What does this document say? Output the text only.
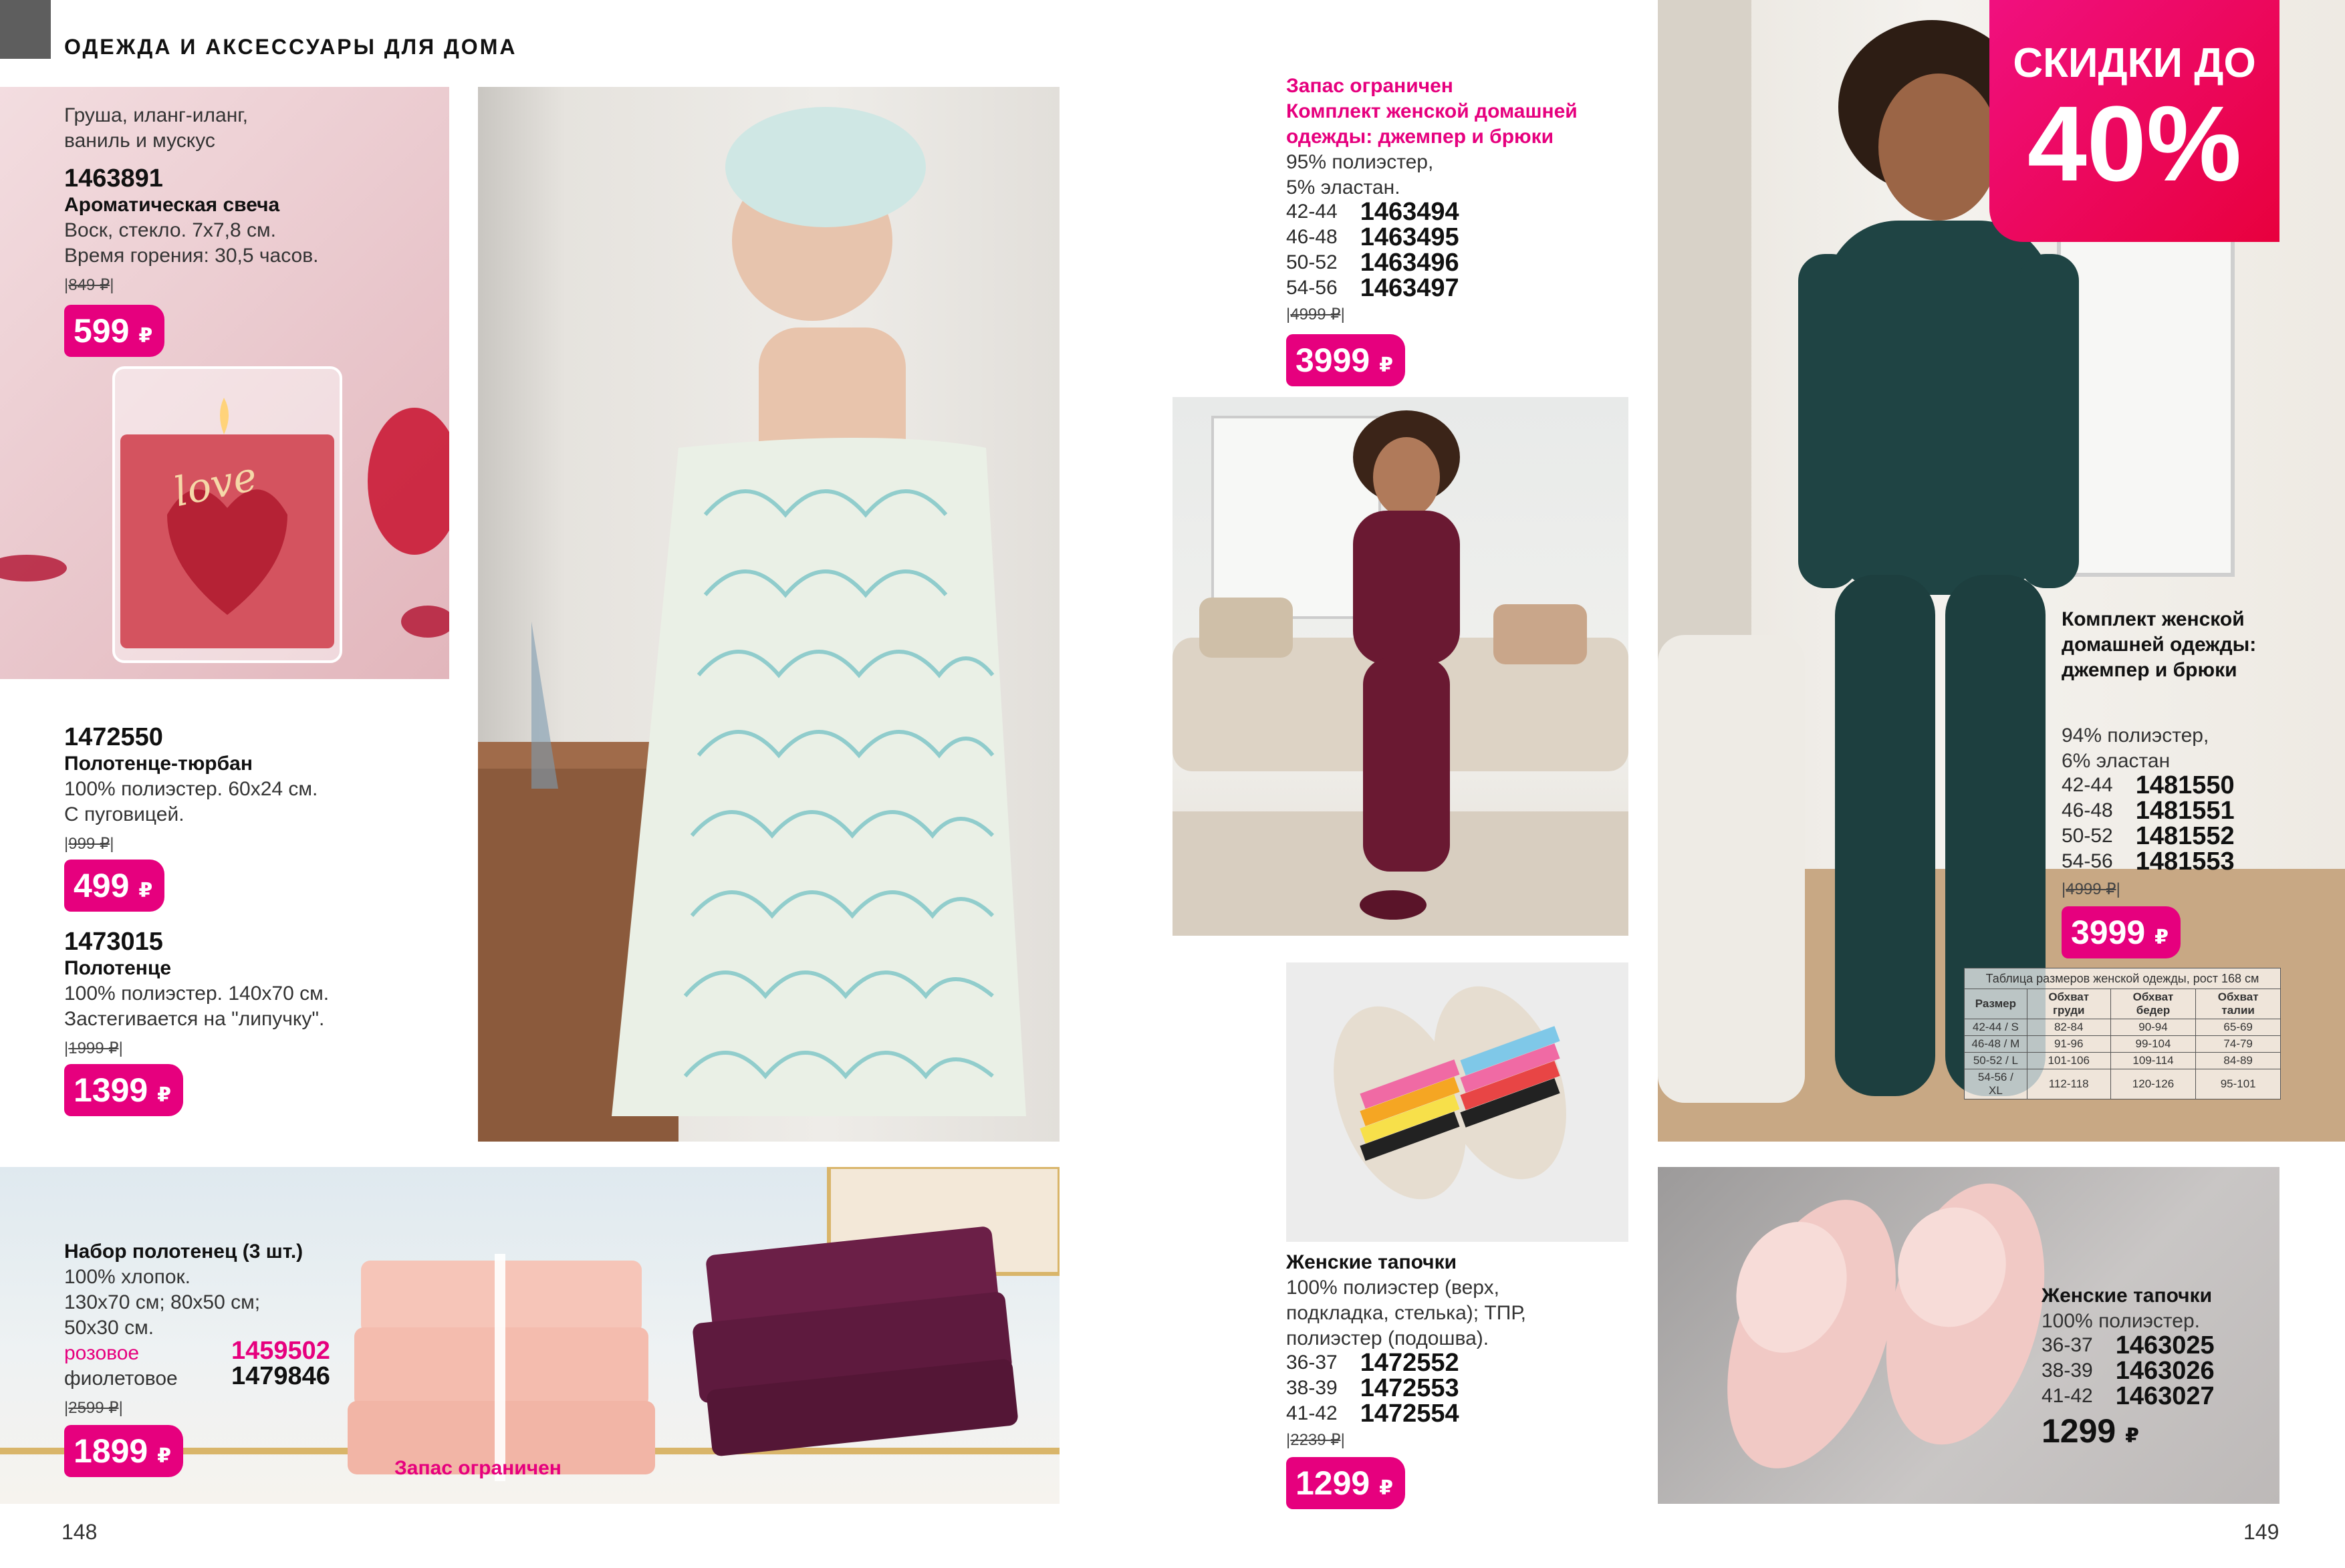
ОДЕЖДА И АКСЕССУАРЫ ДЛЯ ДОМА
love
Груша, иланг-иланг, ваниль и мускус
1463891
Ароматическая свеча
Воск, стекло. 7х7,8 см.
Время горения: 30,5 часов.
|849 ₽|
599 ₽
1472550
Полотенце-тюрбан
100% полиэстер. 60х24 см.
С пуговицей.
|999 ₽|
499 ₽
1473015
Полотенце
100% полиэстер. 140х70 см.
Застегивается на "липучку".
|1999 ₽|
1399 ₽
Набор полотенец (3 шт.)
100% хлопок.
130х70 см; 80х50 см;
50х30 см.
розовое	1459502
фиолетовое 1479846
|2599 ₽|
1899 ₽
Запас ограничен
148
Запас ограничен
Комплект женской домашней одежды: джемпер и брюки
95% полиэстер,
5% эластан.
42-44	1463494
46-48	1463495
50-52	1463496
54-56	1463497
|4999 ₽|
3999 ₽
Женские тапочки
100% полиэстер (верх,
подкладка, стелька); ТПР,
полиэстер (подошва).
36-37	1472552
38-39	1472553
41-42	1472554
|2239 ₽|
1299 ₽
СКИДКИ ДО
40%
Комплект женской домашней одежды: джемпер и брюки
94% полиэстер,
6% эластан
42-44	1481550
46-48	1481551
50-52	1481552
54-56	1481553
|4999 ₽|
3999 ₽
Таблица размеров женской одежды, рост 168 см
Размер	Обхват груди	Обхват бедер	Обхват талии
42-44 / S	82-84	90-94	65-69
46-48 / M	91-96	99-104	74-79
50-52 / L	101-106	109-114	84-89
54-56 / XL	112-118	120-126	95-101
Женские тапочки
100% полиэстер.
36-37	1463025
38-39	1463026
41-42	1463027
1299 ₽
149
